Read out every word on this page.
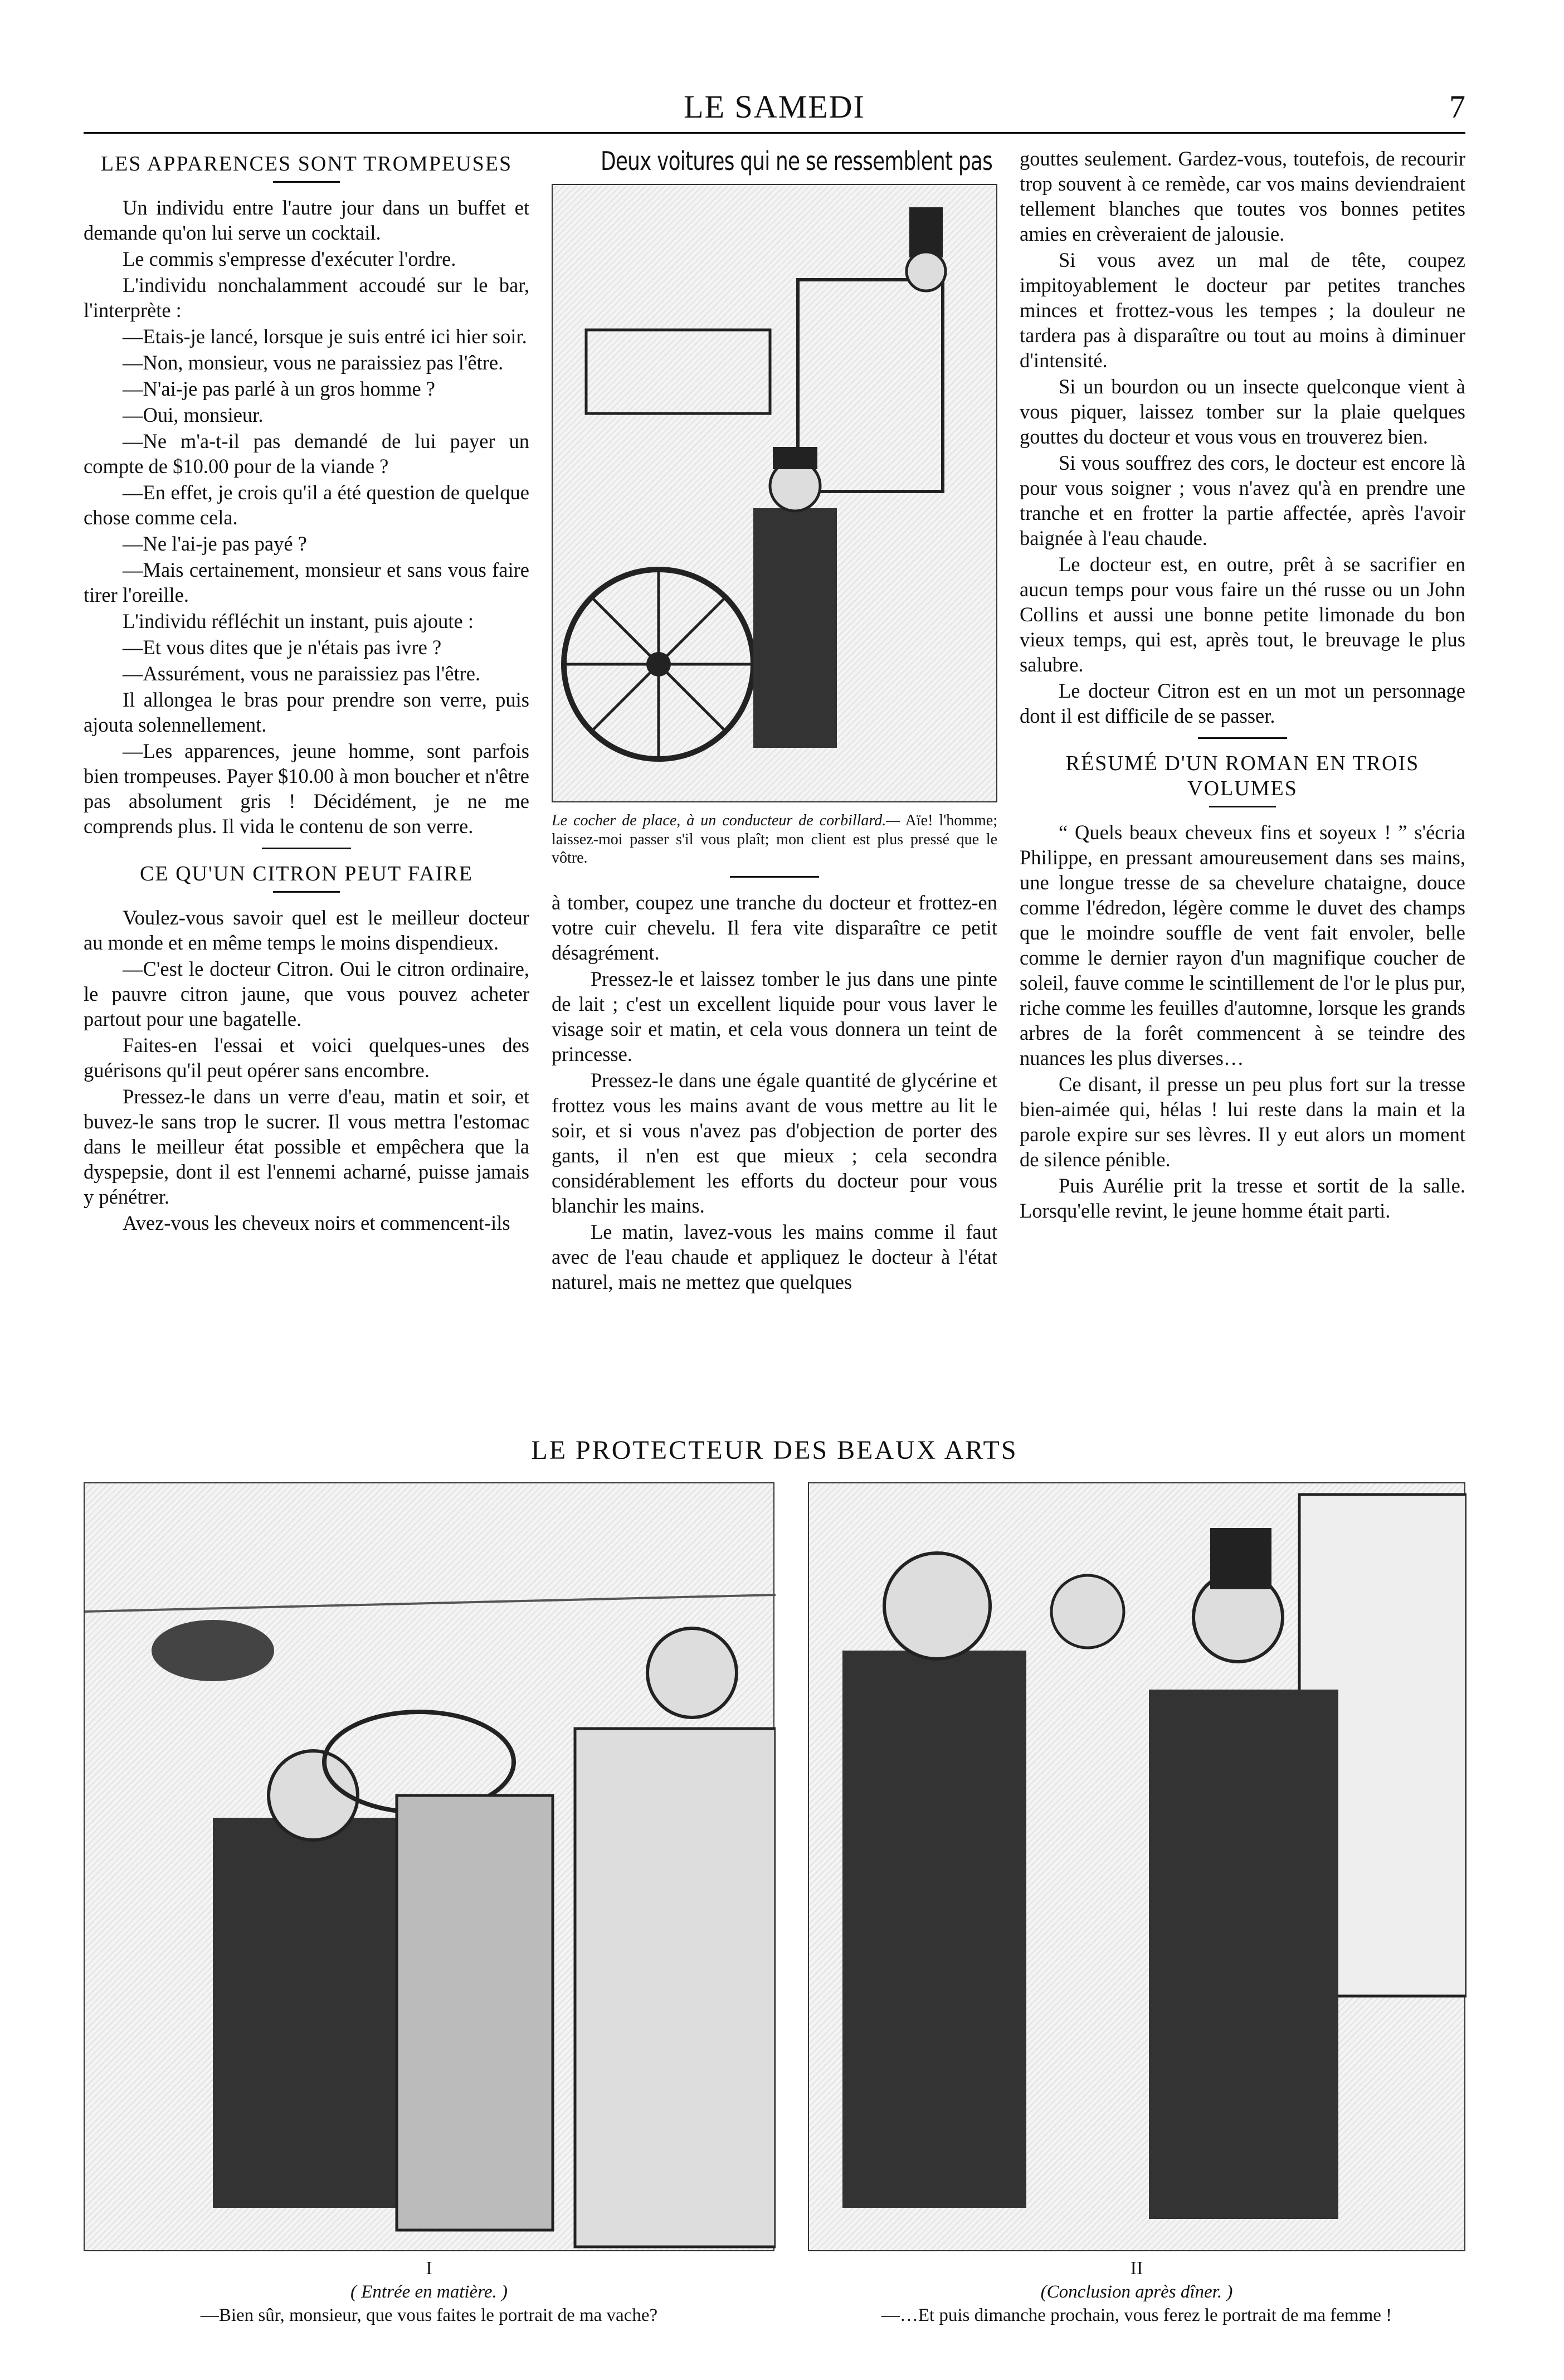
LE SAMEDI	7
LES APPARENCES SONT TROMPEUSES

Un individu entre l'autre jour dans un buffet et demande qu'on lui serve un cocktail.

Le commis s'empresse d'exécuter l'ordre.

L'individu nonchalamment accoudé sur le bar, l'interprète :

—Etais-je lancé, lorsque je suis entré ici hier soir.

—Non, monsieur, vous ne paraissiez pas l'être.

—N'ai-je pas parlé à un gros homme ?

—Oui, monsieur.

—Ne m'a-t-il pas demandé de lui payer un compte de $10.00 pour de la viande ?

—En effet, je crois qu'il a été question de quelque chose comme cela.

—Ne l'ai-je pas payé ?

—Mais certainement, monsieur et sans vous faire tirer l'oreille.

L'individu réfléchit un instant, puis ajoute :

—Et vous dites que je n'étais pas ivre ?

—Assurément, vous ne paraissiez pas l'être.

Il allongea le bras pour prendre son verre, puis ajouta solennellement.

—Les apparences, jeune homme, sont parfois bien trompeuses. Payer $10.00 à mon boucher et n'être pas absolument gris ! Décidément, je ne me comprends plus. Il vida le contenu de son verre.

CE QU'UN CITRON PEUT FAIRE

Voulez-vous savoir quel est le meilleur docteur au monde et en même temps le moins dispendieux.

—C'est le docteur Citron. Oui le citron ordinaire, le pauvre citron jaune, que vous pouvez acheter partout pour une bagatelle.

Faites-en l'essai et voici quelques-unes des guérisons qu'il peut opérer sans encombre.

Pressez-le dans un verre d'eau, matin et soir, et buvez-le sans trop le sucrer. Il vous mettra l'estomac dans le meilleur état possible et empêchera que la dyspepsie, dont il est l'ennemi acharné, puisse jamais y pénétrer.

Avez-vous les cheveux noirs et commencent-ils

Deux voitures qui ne se ressemblent pas
Le cocher de place, à un conducteur de corbillard.— Aïe! l'homme; laissez-moi passer s'il vous plaît; mon client est plus pressé que le vôtre.

à tomber, coupez une tranche du docteur et frottez-en votre cuir chevelu. Il fera vite disparaître ce petit désagrément.

Pressez-le et laissez tomber le jus dans une pinte de lait ; c'est un excellent liquide pour vous laver le visage soir et matin, et cela vous donnera un teint de princesse.

Pressez-le dans une égale quantité de glycérine et frottez vous les mains avant de vous mettre au lit le soir, et si vous n'avez pas d'objection de porter des gants, il n'en est que mieux ; cela secondra considérablement les efforts du docteur pour vous blanchir les mains.

Le matin, lavez-vous les mains comme il faut avec de l'eau chaude et appliquez le docteur à l'état naturel, mais ne mettez que quelques

gouttes seulement. Gardez-vous, toutefois, de recourir trop souvent à ce remède, car vos mains deviendraient tellement blanches que toutes vos bonnes petites amies en crèveraient de jalousie.

Si vous avez un mal de tête, coupez impitoyablement le docteur par petites tranches minces et frottez-vous les tempes ; la douleur ne tardera pas à disparaître ou tout au moins à diminuer d'intensité.

Si un bourdon ou un insecte quelconque vient à vous piquer, laissez tomber sur la plaie quelques gouttes du docteur et vous vous en trouverez bien.

Si vous souffrez des cors, le docteur est encore là pour vous soigner ; vous n'avez qu'à en prendre une tranche et en frotter la partie affectée, après l'avoir baignée à l'eau chaude.

Le docteur est, en outre, prêt à se sacrifier en aucun temps pour vous faire un thé russe ou un John Collins et aussi une bonne petite limonade du bon vieux temps, qui est, après tout, le breuvage le plus salubre.

Le docteur Citron est en un mot un personnage dont il est difficile de se passer.

RÉSUMÉ D'UN ROMAN EN TROIS VOLUMES

“ Quels beaux cheveux fins et soyeux ! ” s'écria Philippe, en pressant amoureusement dans ses mains, une longue tresse de sa chevelure chataigne, douce comme l'édredon, légère comme le duvet des champs que le moindre souffle de vent fait envoler, belle comme le dernier rayon d'un magnifique coucher de soleil, fauve comme le scintillement de l'or le plus pur, riche comme les feuilles d'automne, lorsque les grands arbres de la forêt commencent à se teindre des nuances les plus diverses…

Ce disant, il presse un peu plus fort sur la tresse bien-aimée qui, hélas ! lui reste dans la main et la parole expire sur ses lèvres. Il y eut alors un moment de silence pénible.

Puis Aurélie prit la tresse et sortit de la salle. Lorsqu'elle revint, le jeune homme était parti.

LE PROTECTEUR DES BEAUX ARTS
I
( Entrée en matière. )
—Bien sûr, monsieur, que vous faites le portrait de ma vache?
II
(Conclusion après dîner. )
—…Et puis dimanche prochain, vous ferez le portrait de ma femme !
